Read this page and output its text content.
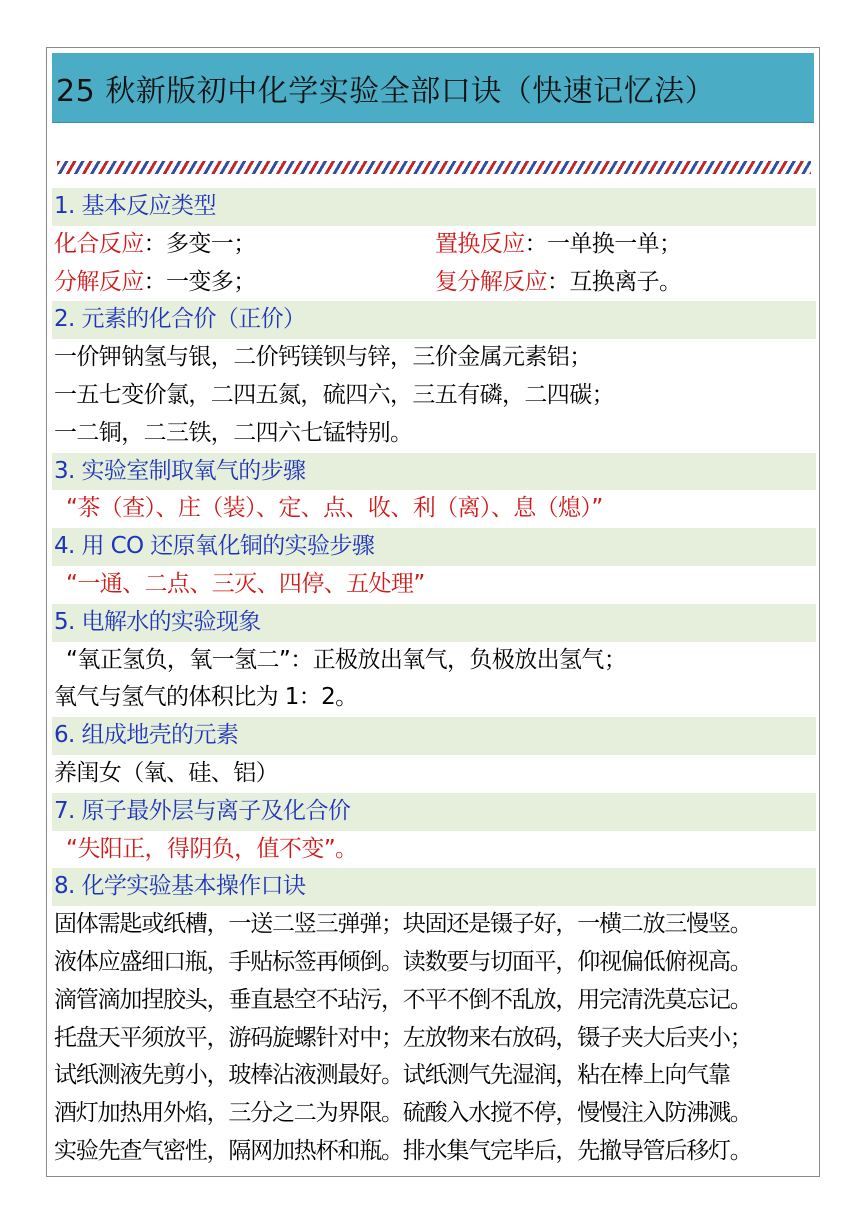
25 秋新版初中化学实验全部口诀（快速记忆法）
1. 基本反应类型
化合反应：多变一；	置换反应：一单换一单；
分解反应：一变多；	复分解反应：互换离子。
2. 元素的化合价（正价）
一价钾钠氢与银，二价钙镁钡与锌，三价金属元素铝；
一五七变价氯，二四五氮，硫四六，三五有磷，二四碳；
一二铜，二三铁，二四六七锰特别。
3. 实验室制取氧气的步骤
“茶（查）、庄（装）、定、点、收、利（离）、息（熄）”
4. 用 CO 还原氧化铜的实验步骤
“一通、二点、三灭、四停、五处理”
5. 电解水的实验现象
“氧正氢负，氧一氢二”：正极放出氧气，负极放出氢气；
氧气与氢气的体积比为 1：2。
6. 组成地壳的元素
养闺女（氧、硅、铝）
7. 原子最外层与离子及化合价
“失阳正，得阴负，值不变”。
8. 化学实验基本操作口诀
固体需匙或纸槽，一送二竖三弹弹；块固还是镊子好，一横二放三慢竖。
液体应盛细口瓶，手贴标签再倾倒。读数要与切面平，仰视偏低俯视高。
滴管滴加捏胶头，垂直悬空不玷污，不平不倒不乱放，用完清洗莫忘记。
托盘天平须放平，游码旋螺针对中；左放物来右放码，镊子夹大后夹小；
试纸测液先剪小，玻棒沾液测最好。试纸测气先湿润，粘在棒上向气靠
酒灯加热用外焰，三分之二为界限。硫酸入水搅不停，慢慢注入防沸溅。
实验先查气密性，隔网加热杯和瓶。排水集气完毕后，先撤导管后移灯。
